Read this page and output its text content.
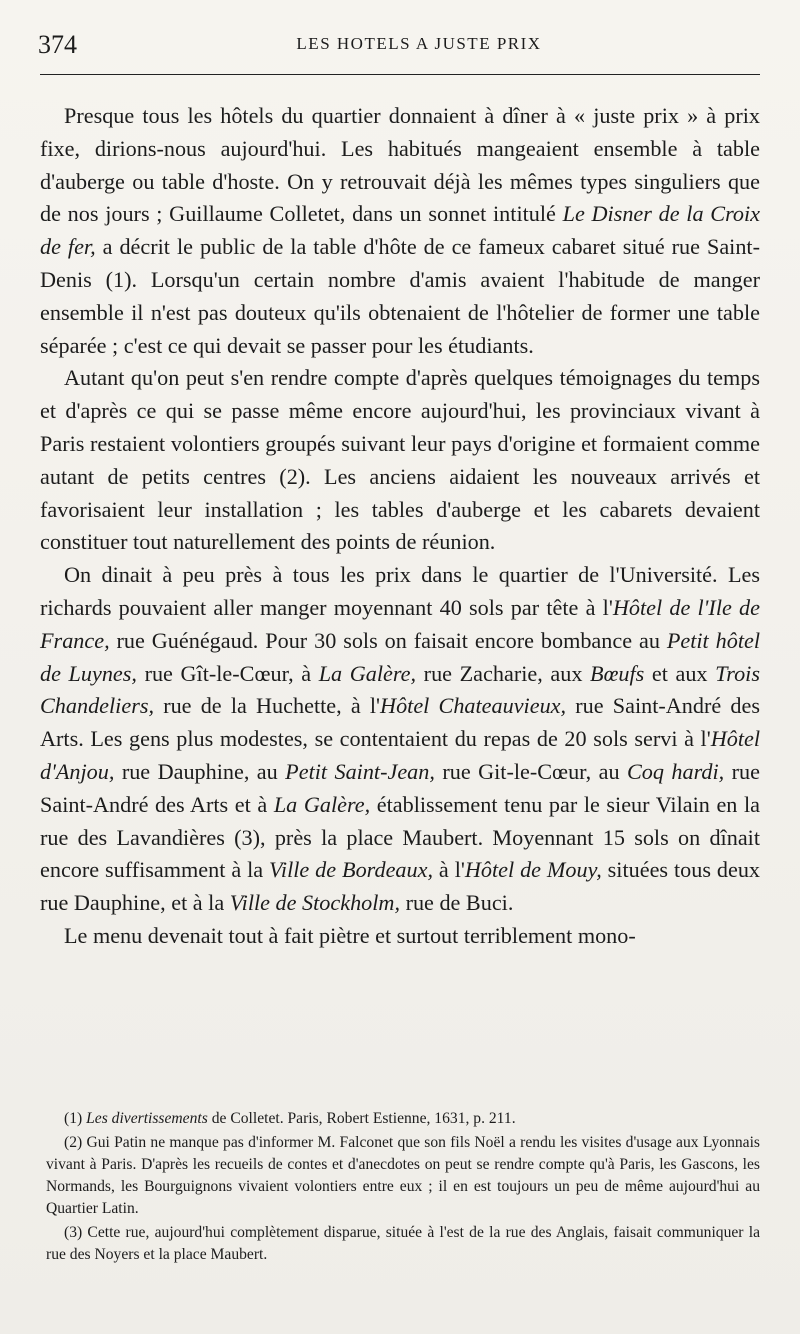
374	LES HOTELS A JUSTE PRIX

Presque tous les hôtels du quartier donnaient à dîner à « juste prix » à prix fixe, dirions-nous aujourd'hui. Les habitués mangeaient ensemble à table d'auberge ou table d'hoste. On y retrouvait déjà les mêmes types singuliers que de nos jours ; Guillaume Colletet, dans un sonnet intitulé Le Disner de la Croix de fer, a décrit le public de la table d'hôte de ce fameux cabaret situé rue Saint-Denis (1). Lorsqu'un certain nombre d'amis avaient l'habitude de manger ensemble il n'est pas douteux qu'ils obtenaient de l'hôtelier de former une table séparée ; c'est ce qui devait se passer pour les étudiants.

Autant qu'on peut s'en rendre compte d'après quelques témoignages du temps et d'après ce qui se passe même encore aujourd'hui, les provinciaux vivant à Paris restaient volontiers groupés suivant leur pays d'origine et formaient comme autant de petits centres (2). Les anciens aidaient les nouveaux arrivés et favorisaient leur installation ; les tables d'auberge et les cabarets devaient constituer tout naturellement des points de réunion.

On dinait à peu près à tous les prix dans le quartier de l'Université. Les richards pouvaient aller manger moyennant 40 sols par tête à l'Hôtel de l'Ile de France, rue Guénégaud. Pour 30 sols on faisait encore bombance au Petit hôtel de Luynes, rue Gît-le-Cœur, à La Galère, rue Zacharie, aux Bœufs et aux Trois Chandeliers, rue de la Huchette, à l'Hôtel Chateauvieux, rue Saint-André des Arts. Les gens plus modestes, se contentaient du repas de 20 sols servi à l'Hôtel d'Anjou, rue Dauphine, au Petit Saint-Jean, rue Git-le-Cœur, au Coq hardi, rue Saint-André des Arts et à La Galère, établissement tenu par le sieur Vilain en la rue des Lavandières (3), près la place Maubert. Moyennant 15 sols on dînait encore suffisamment à la Ville de Bordeaux, à l'Hôtel de Mouy, situées tous deux rue Dauphine, et à la Ville de Stockholm, rue de Buci.

Le menu devenait tout à fait piètre et surtout terriblement mono-

(1) Les divertissements de Colletet. Paris, Robert Estienne, 1631, p. 211.

(2) Gui Patin ne manque pas d'informer M. Falconet que son fils Noël a rendu les visites d'usage aux Lyonnais vivant à Paris. D'après les recueils de contes et d'anecdotes on peut se rendre compte qu'à Paris, les Gascons, les Normands, les Bourguignons vivaient volontiers entre eux ; il en est toujours un peu de même aujourd'hui au Quartier Latin.

(3) Cette rue, aujourd'hui complètement disparue, située à l'est de la rue des Anglais, faisait communiquer la rue des Noyers et la place Maubert.
